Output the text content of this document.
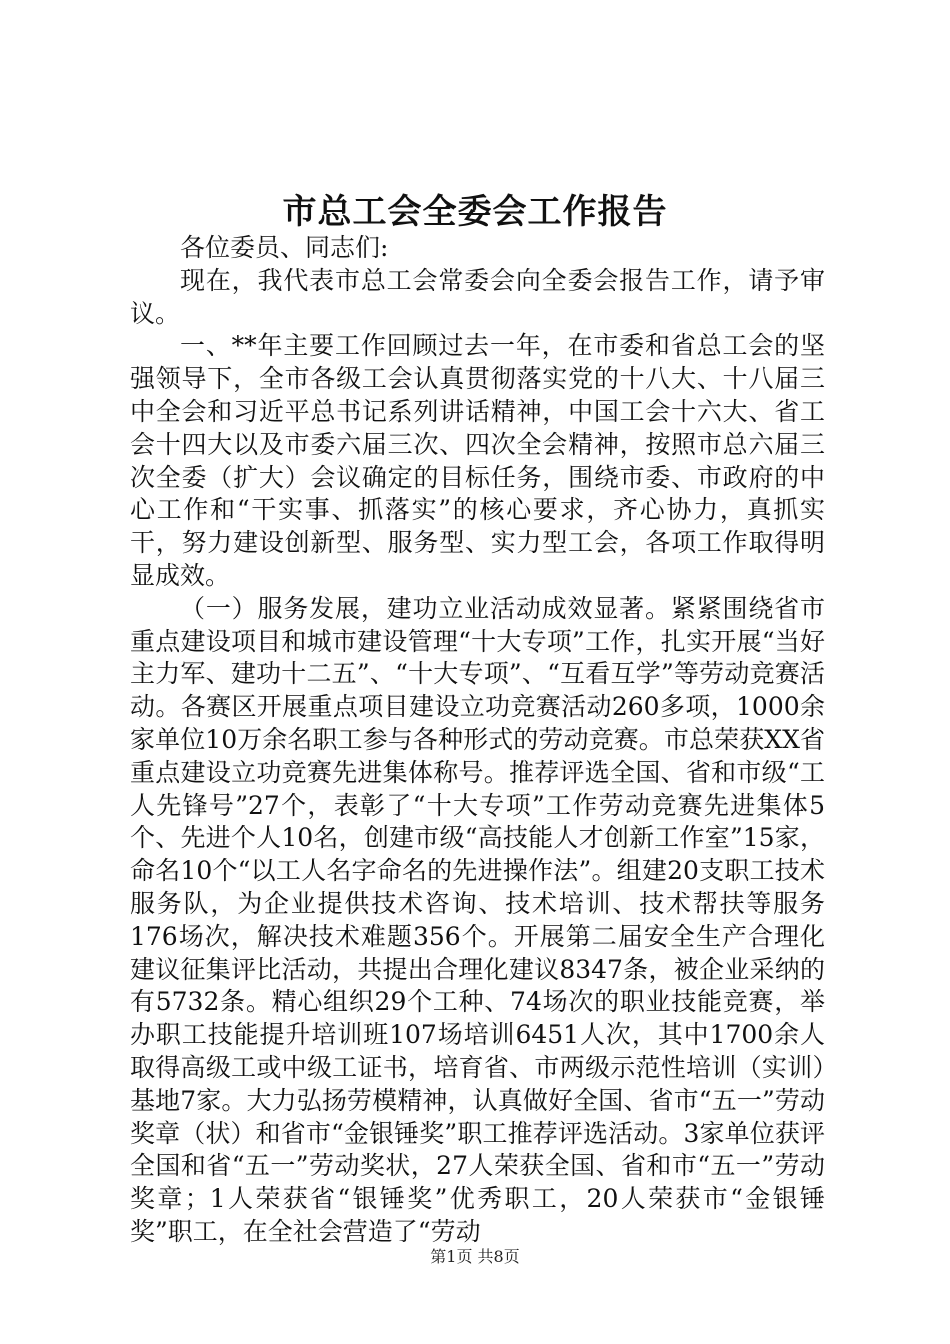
市总工会全委会工作报告

各位委员、同志们:

现在，我代表市总工会常委会向全委会报告工作，请予审议。

一、**年主要工作回顾过去一年，在市委和省总工会的坚强领导下，全市各级工会认真贯彻落实党的十八大、十八届三中全会和习近平总书记系列讲话精神，中国工会十六大、省工会十四大以及市委六届三次、四次全会精神，按照市总六届三次全委（扩大）会议确定的目标任务，围绕市委、市政府的中心工作和“干实事、抓落实”的核心要求，齐心协力，真抓实干，努力建设创新型、服务型、实力型工会，各项工作取得明显成效。

（一）服务发展，建功立业活动成效显著。紧紧围绕省市重点建设项目和城市建设管理“十大专项”工作，扎实开展“当好主力军、建功十二五”、“十大专项”、“互看互学”等劳动竞赛活动。各赛区开展重点项目建设立功竞赛活动260多项，1000余家单位10万余名职工参与各种形式的劳动竞赛。市总荣获XX省重点建设立功竞赛先进集体称号。推荐评选全国、省和市级“工人先锋号”27个，表彰了“十大专项”工作劳动竞赛先进集体5个、先进个人10名，创建市级“高技能人才创新工作室”15家，命名10个“以工人名字命名的先进操作法”。组建20支职工技术服务队，为企业提供技术咨询、技术培训、技术帮扶等服务176场次，解决技术难题356个。开展第二届安全生产合理化建议征集评比活动，共提出合理化建议8347条，被企业采纳的有5732条。精心组织29个工种、74场次的职业技能竞赛，举办职工技能提升培训班107场培训6451人次，其中1700余人取得高级工或中级工证书，培育省、市两级示范性培训（实训）基地7家。大力弘扬劳模精神，认真做好全国、省市“五一”劳动奖章（状）和省市“金银锤奖”职工推荐评选活动。3家单位获评全国和省“五一”劳动奖状，27人荣获全国、省和市“五一”劳动奖章；1人荣获省“银锤奖”优秀职工，20人荣获市“金银锤奖”职工，在全社会营造了“劳动

第1页 共8页
